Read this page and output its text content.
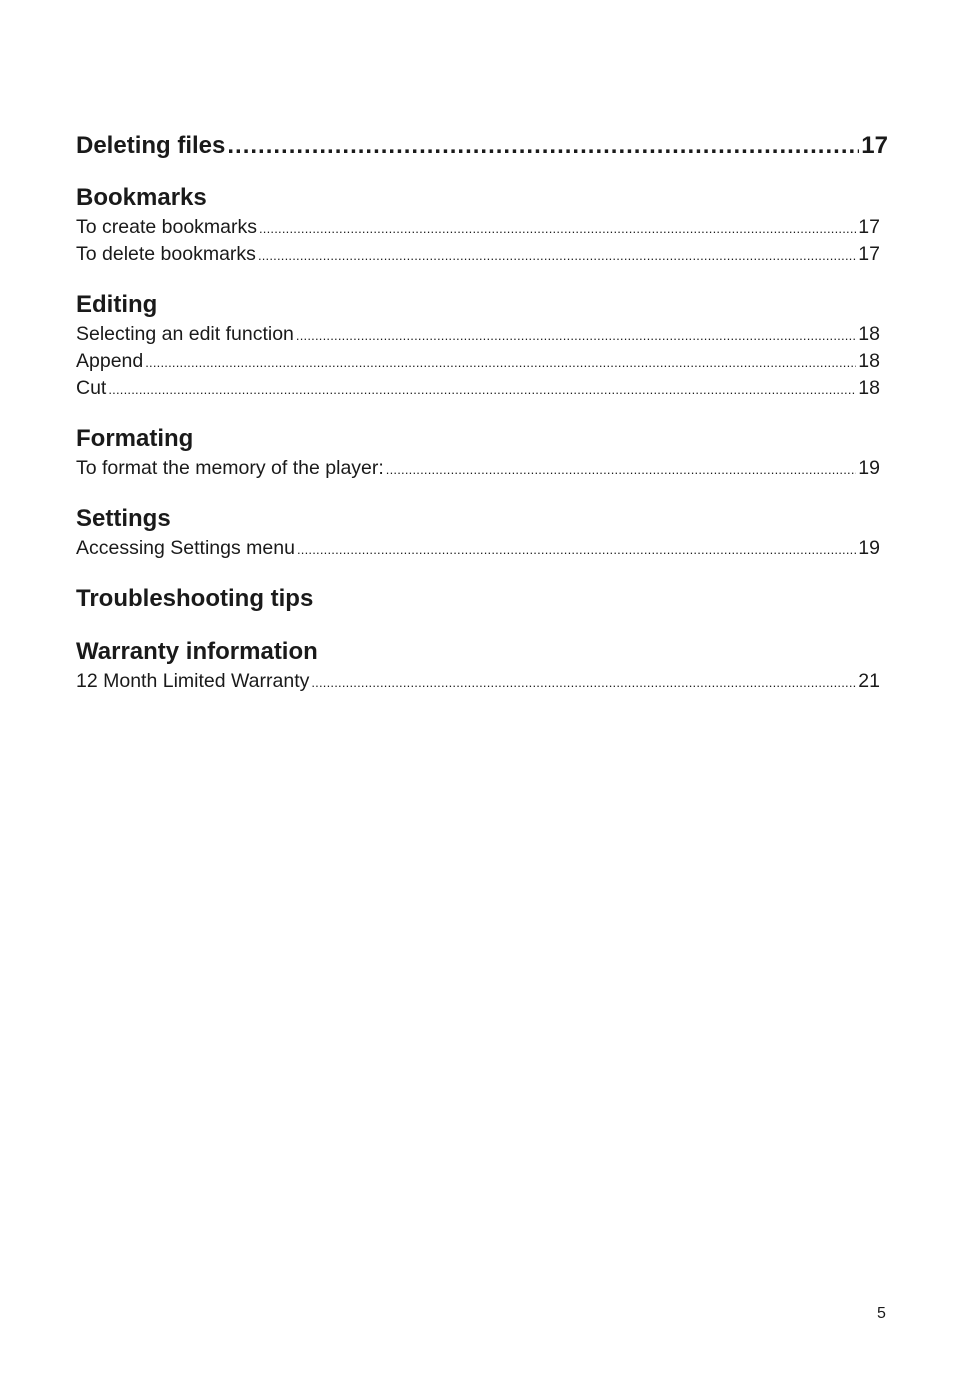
Deleting files .....	17
Bookmarks
To create bookmarks .....	17
To delete bookmarks .....	17
Editing
Selecting an edit function .....	18
Append .....	18
Cut .....	18
Formating
To format the memory of the player: .....	19
Settings
Accessing Settings menu .....	19
Troubleshooting tips
Warranty information
12 Month Limited Warranty .....	21
5
